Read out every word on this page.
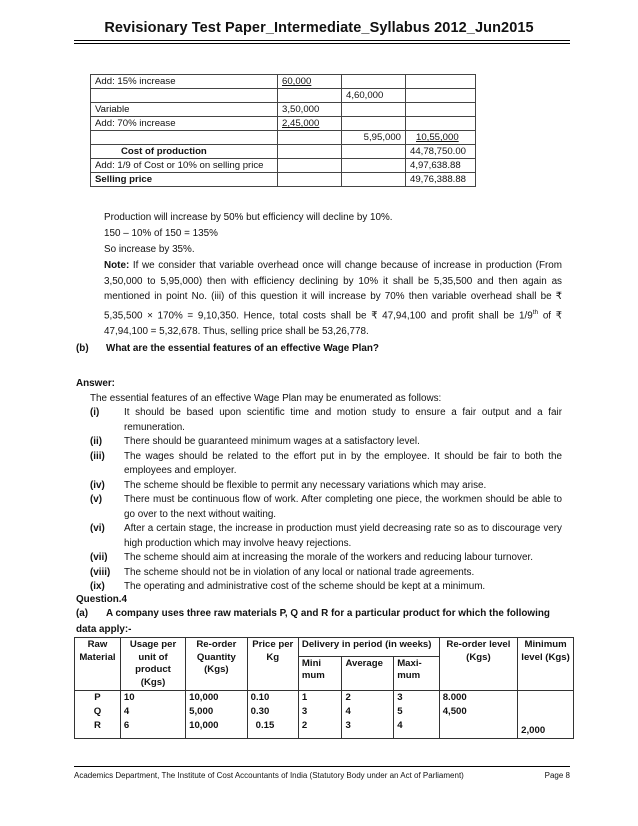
Revisionary Test Paper_Intermediate_Syllabus 2012_Jun2015
Add: 15% increase	60,000		
		4,60,000	
Variable	3,50,000		
Add: 70% increase	2,45,000		
		5,95,000	10,55,000
Cost of production			44,78,750.00
Add: 1/9 of Cost or 10% on selling price			4,97,638.88
Selling price			49,76,388.88
Production will increase by 50% but efficiency will decline by 10%.
150 – 10% of 150 = 135%
So increase by 35%.
Note: If we consider that variable overhead once will change because of increase in production (From 3,50,000 to 5,95,000) then with efficiency declining by 10% it shall be 5,35,500 and then again as mentioned in point No. (iii) of this question it will increase by 70% then variable overhead shall be ₹ 5,35,500 × 170% = 9,10,350. Hence, total costs shall be ₹ 47,94,100 and profit shall be 1/9th of ₹ 47,94,100 = 5,32,678. Thus, selling price shall be 53,26,778.
(b) What are the essential features of an effective Wage Plan?
Answer:
The essential features of an effective Wage Plan may be enumerated as follows:
(i)	It should be based upon scientific time and motion study to ensure a fair output and a fair remuneration.
(ii)	There should be guaranteed minimum wages at a satisfactory level.
(iii)	The wages should be related to the effort put in by the employee. It should be fair to both the employees and employer.
(iv)	The scheme should be flexible to permit any necessary variations which may arise.
(v)	There must be continuous flow of work. After completing one piece, the workmen should be able to go over to the next without waiting.
(vi)	After a certain stage, the increase in production must yield decreasing rate so as to discourage very high production which may involve heavy rejections.
(vii)	The scheme should aim at increasing the morale of the workers and reducing labour turnover.
(viii)	The scheme should not be in violation of any local or national trade agreements.
(ix)	The operating and administrative cost of the scheme should be kept at a minimum.
Question.4
(a) A company uses three raw materials P, Q and R for a particular product for which the following data apply:-
Raw Material	Usage per unit of product (Kgs)	Re-order Quantity (Kgs)	Price per Kg	Delivery in period (in weeks)			Re-order level (Kgs)	Minimum level (Kgs)
				Mini mum	Average	Maxi- mum		
P	10	10,000	0.10	1	2	3	8.000	
Q	4	5,000	0.30	3	4	5	4,500	
R	6	10,000	0.15	2	3	4		2,000
Academics Department, The Institute of Cost Accountants of India (Statutory Body under an Act of Parliament)	Page 8
